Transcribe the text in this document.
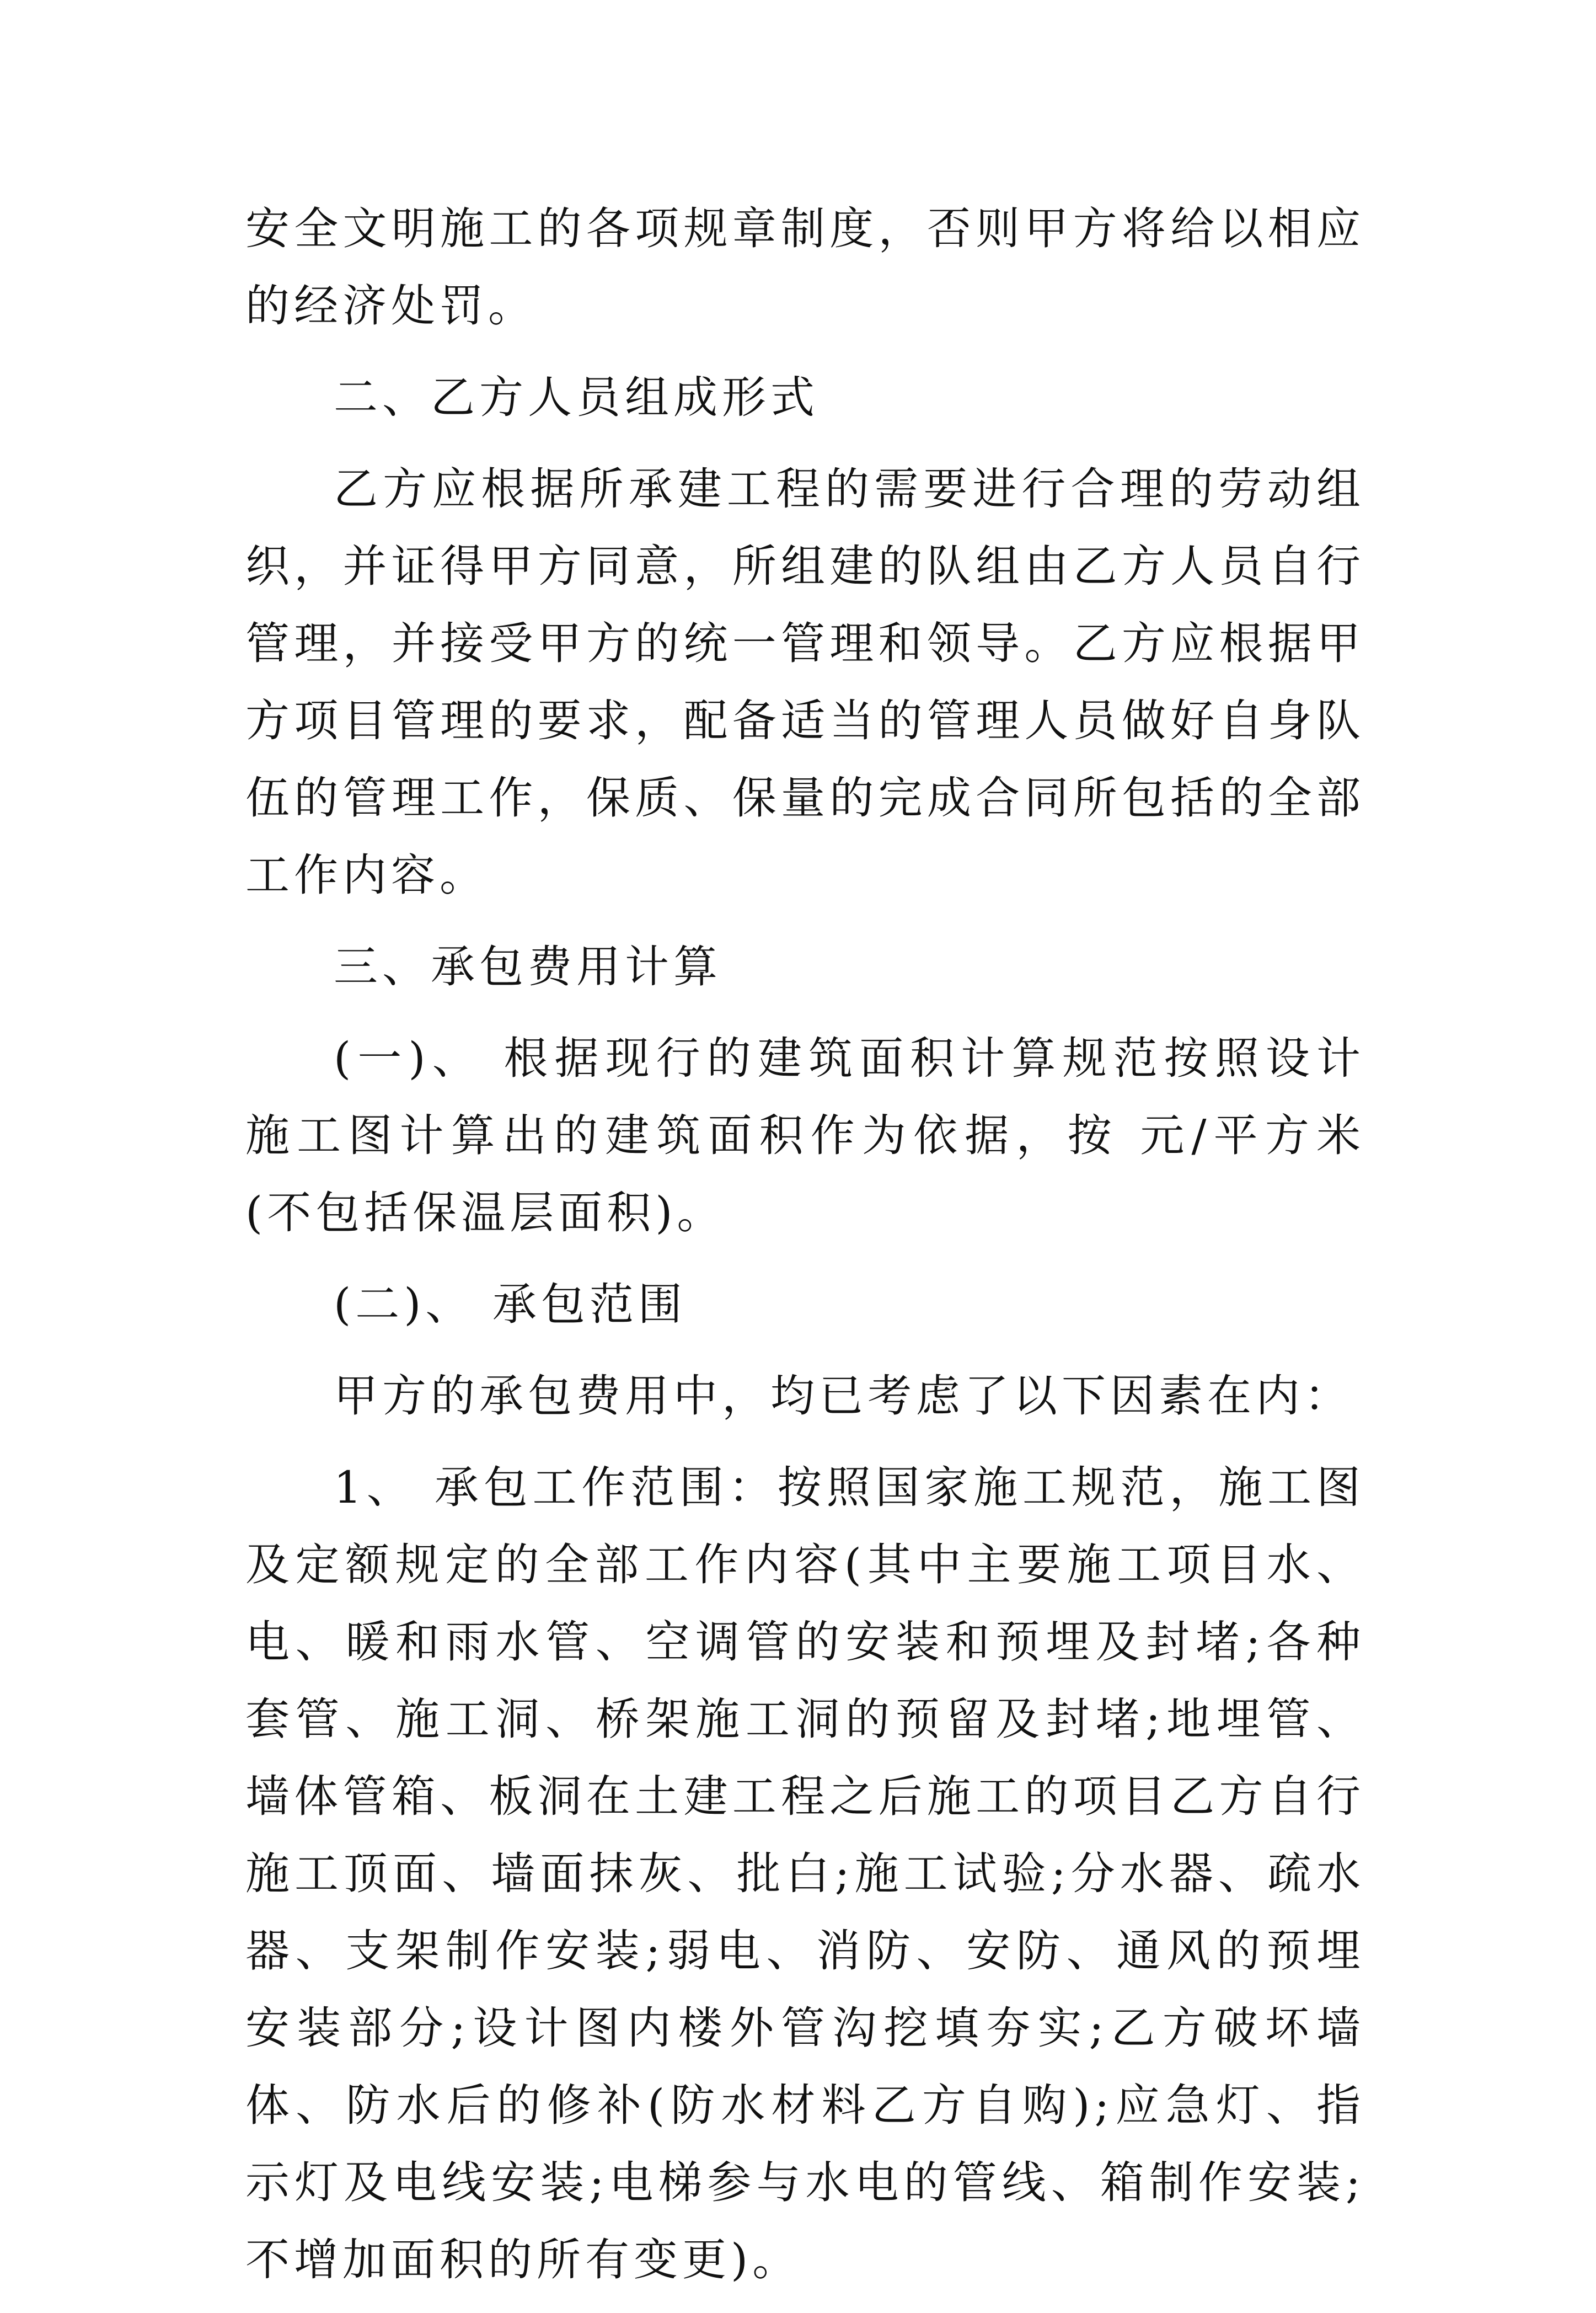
安全文明施工的各项规章制度，否则甲方将给以相应的经济处罚。

二、乙方人员组成形式

乙方应根据所承建工程的需要进行合理的劳动组织，并证得甲方同意，所组建的队组由乙方人员自行管理，并接受甲方的统一管理和领导。乙方应根据甲方项目管理的要求，配备适当的管理人员做好自身队伍的管理工作，保质、保量的完成合同所包括的全部工作内容。

三、承包费用计算

(一)、 根据现行的建筑面积计算规范按照设计施工图计算出的建筑面积作为依据，按 元/平方米(不包括保温层面积)。

(二)、 承包范围

甲方的承包费用中，均已考虑了以下因素在内：

1、 承包工作范围：按照国家施工规范，施工图及定额规定的全部工作内容(其中主要施工项目水、电、暖和雨水管、空调管的安装和预埋及封堵;各种套管、施工洞、桥架施工洞的预留及封堵;地埋管、墙体管箱、板洞在土建工程之后施工的项目乙方自行施工顶面、墙面抹灰、批白;施工试验;分水器、疏水器、支架制作安装;弱电、消防、安防、通风的预埋安装部分;设计图内楼外管沟挖填夯实;乙方破坏墙体、防水后的修补(防水材料乙方自购);应急灯、指示灯及电线安装;电梯参与水电的管线、箱制作安装;不增加面积的所有变更)。
